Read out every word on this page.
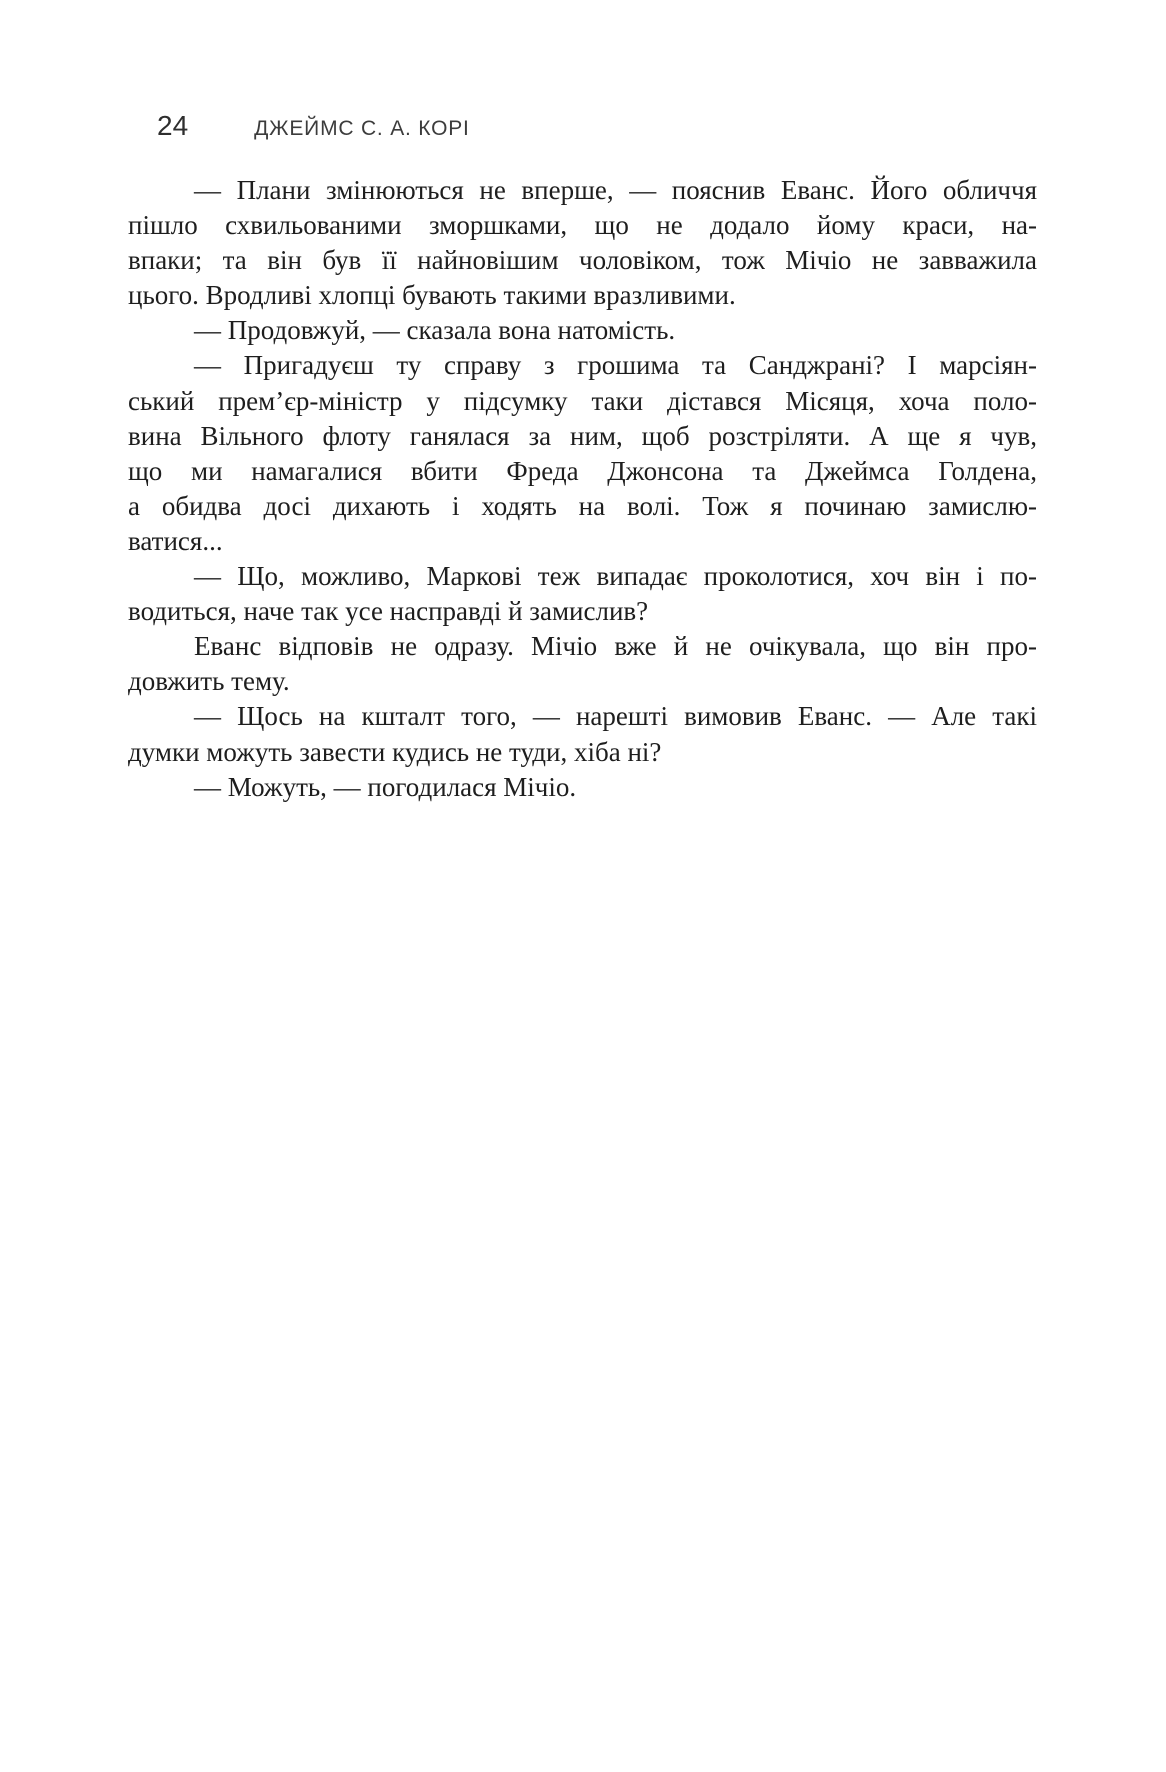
24	ДЖЕЙМС С. А. КОРІ

— Плани змінюються не вперше, — пояснив Еванс. Його обличчя
пішло схвильованими зморшками, що не додало йому краси, на-
впаки; та він був її найновішим чоловіком, тож Мічіо не завважила
цього. Вродливі хлопці бувають такими вразливими.

— Продовжуй, — сказала вона натомість.

— Пригадуєш ту справу з грошима та Санджрані? І марсіян-
ський прем’єр-міністр у підсумку таки дістався Місяця, хоча поло-
вина Вільного флоту ганялася за ним, щоб розстріляти. А ще я чув,
що ми намагалися вбити Фреда Джонсона та Джеймса Голдена,
а обидва досі дихають і ходять на волі. Тож я починаю замислю-
ватися...

— Що, можливо, Маркові теж випадає проколотися, хоч він і по-
водиться, наче так усе насправді й замислив?

Еванс відповів не одразу. Мічіо вже й не очікувала, що він про-
довжить тему.

— Щось на кшталт того, — нарешті вимовив Еванс. — Але такі
думки можуть завести кудись не туди, хіба ні?

— Можуть, — погодилася Мічіо.
